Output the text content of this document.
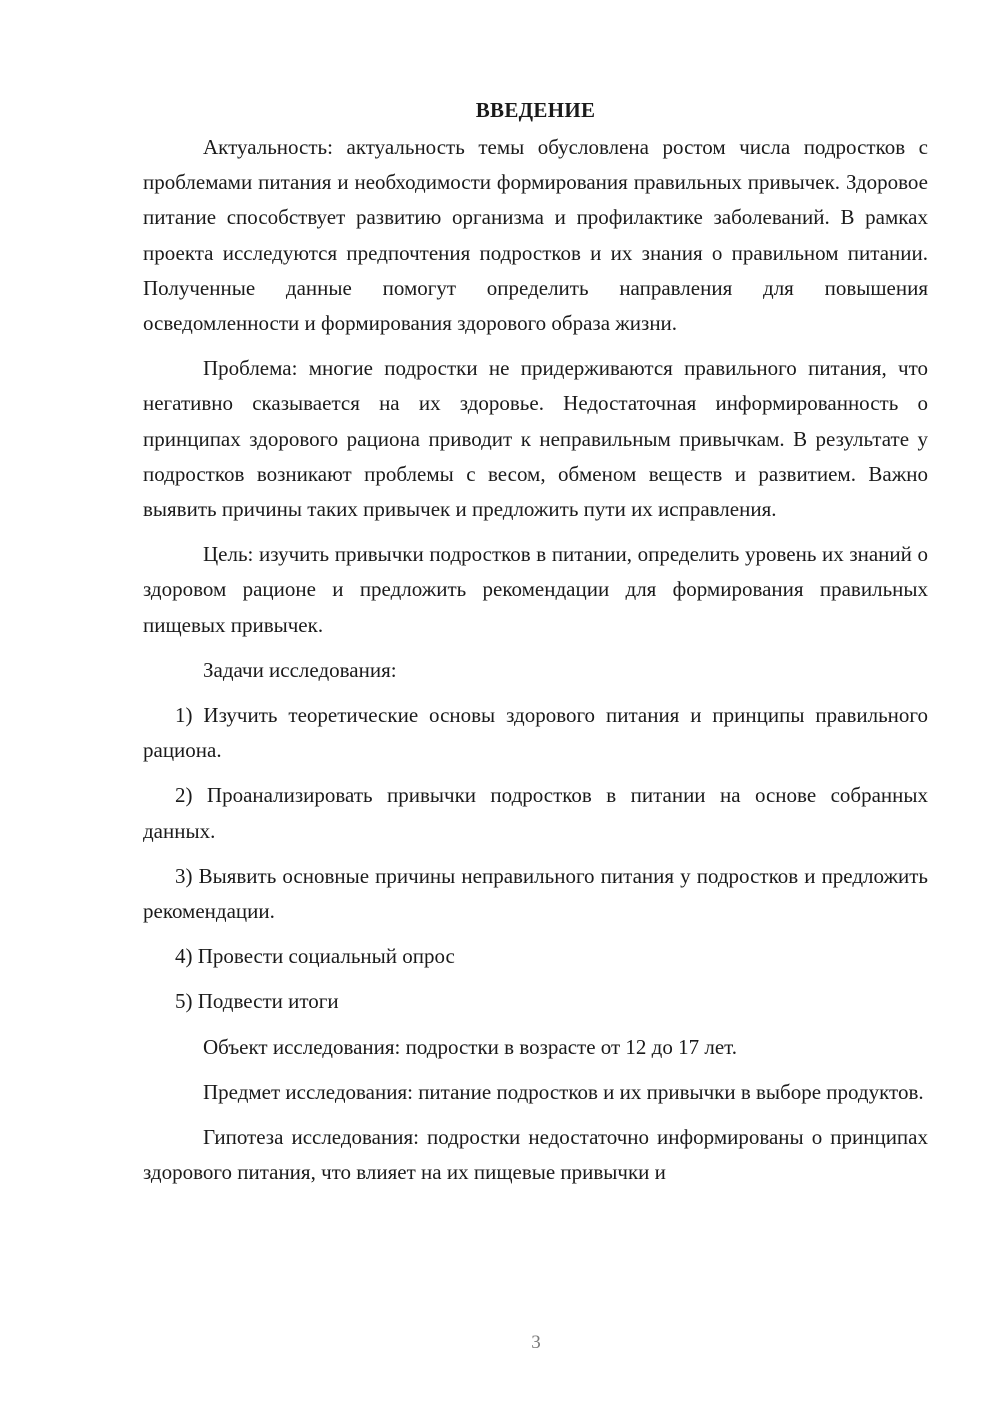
ВВЕДЕНИЕ

Актуальность: актуальность темы обусловлена ростом числа подростков с проблемами питания и необходимости формирования правильных привычек. Здоровое питание способствует развитию организма и профилактике заболеваний. В рамках проекта исследуются предпочтения подростков и их знания о правильном питании. Полученные данные помогут определить направления для повышения осведомленности и формирования здорового образа жизни.

Проблема: многие подростки не придерживаются правильного питания, что негативно сказывается на их здоровье. Недостаточная информированность о принципах здорового рациона приводит к неправильным привычкам. В результате у подростков возникают проблемы с весом, обменом веществ и развитием. Важно выявить причины таких привычек и предложить пути их исправления.

Цель: изучить привычки подростков в питании, определить уровень их знаний о здоровом рационе и предложить рекомендации для формирования правильных пищевых привычек.

Задачи исследования:

1) Изучить теоретические основы здорового питания и принципы правильного рациона.

2) Проанализировать привычки подростков в питании на основе собранных данных.

3) Выявить основные причины неправильного питания у подростков и предложить рекомендации.

4) Провести социальный опрос

5) Подвести итоги

Объект исследования: подростки в возрасте от 12 до 17 лет.

Предмет исследования: питание подростков и их привычки в выборе продуктов.

Гипотеза исследования: подростки недостаточно информированы о принципах здорового питания, что влияет на их пищевые привычки и

3
